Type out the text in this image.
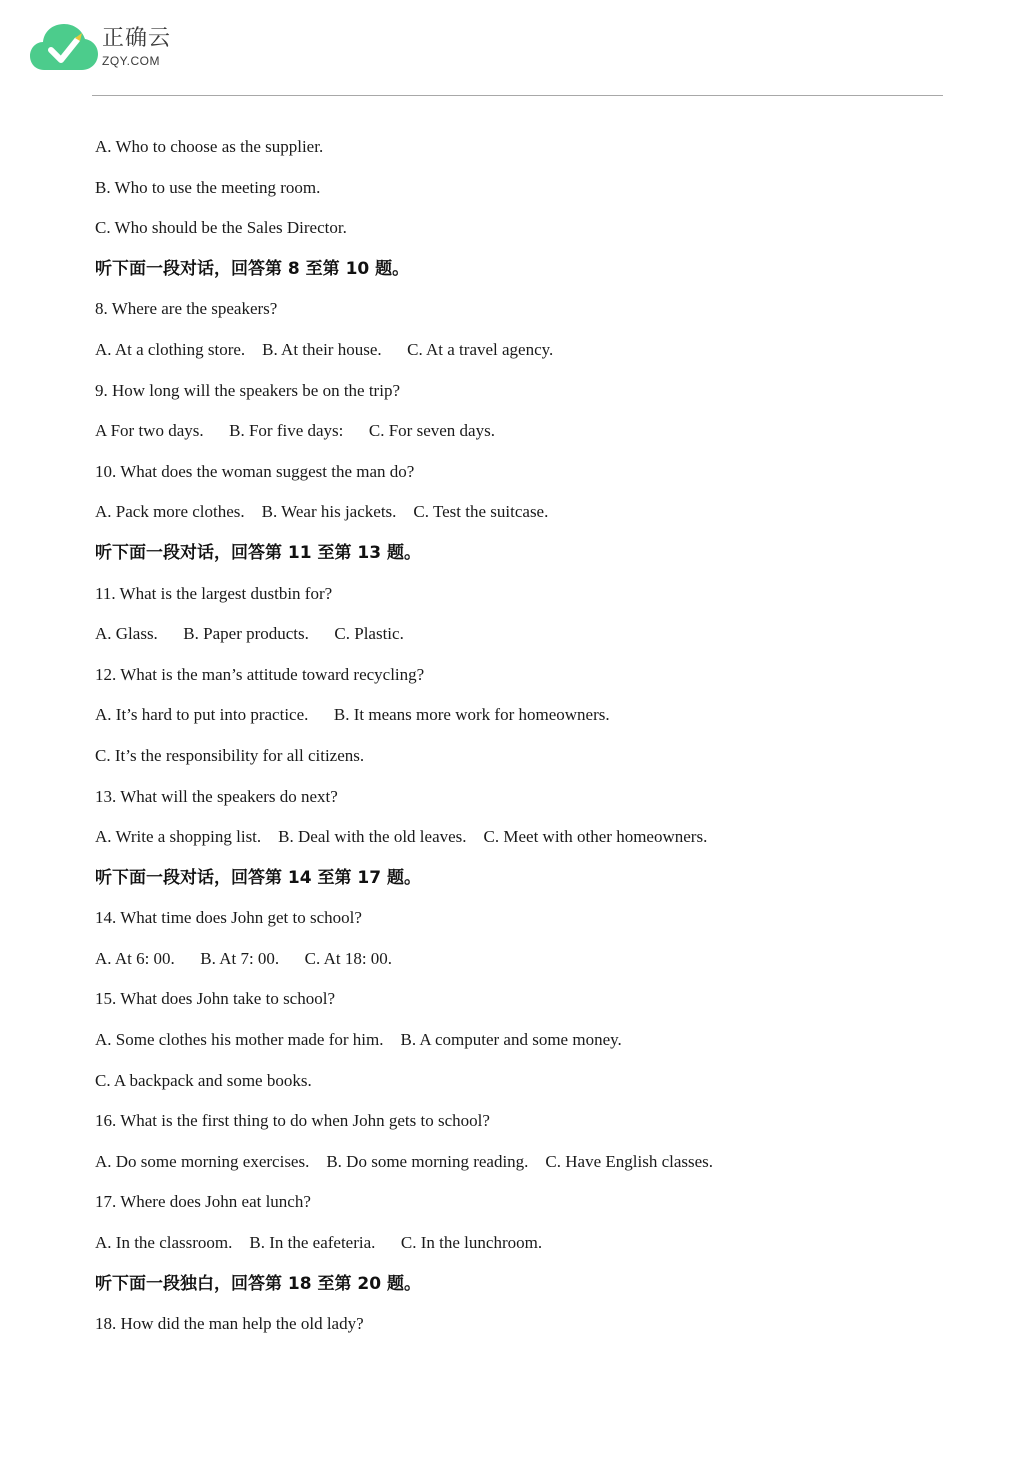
正确云
ZQY.COM
A. Who to choose as the supplier.
B. Who to use the meeting room.
C. Who should be the Sales Director.
听下面一段对话，回答第 8 至第 10 题。
8. Where are the speakers?
A. At a clothing store.    B. At their house.      C. At a travel agency.
9. How long will the speakers be on the trip?
A For two days.      B. For five days:      C. For seven days.
10. What does the woman suggest the man do?
A. Pack more clothes.    B. Wear his jackets.    C. Test the suitcase.
听下面一段对话，回答第 11 至第 13 题。
11. What is the largest dustbin for?
A. Glass.      B. Paper products.      C. Plastic.
12. What is the man’s attitude toward recycling?
A. It’s hard to put into practice.      B. It means more work for homeowners.
C. It’s the responsibility for all citizens.
13. What will the speakers do next?
A. Write a shopping list.    B. Deal with the old leaves.    C. Meet with other homeowners.
听下面一段对话，回答第 14 至第 17 题。
14. What time does John get to school?
A. At 6: 00.      B. At 7: 00.      C. At 18: 00.
15. What does John take to school?
A. Some clothes his mother made for him.    B. A computer and some money.
C. A backpack and some books.
16. What is the first thing to do when John gets to school?
A. Do some morning exercises.    B. Do some morning reading.    C. Have English classes.
17. Where does John eat lunch?
A. In the classroom.    B. In the eafeteria.      C. In the lunchroom.
听下面一段独白，回答第 18 至第 20 题。
18. How did the man help the old lady?
